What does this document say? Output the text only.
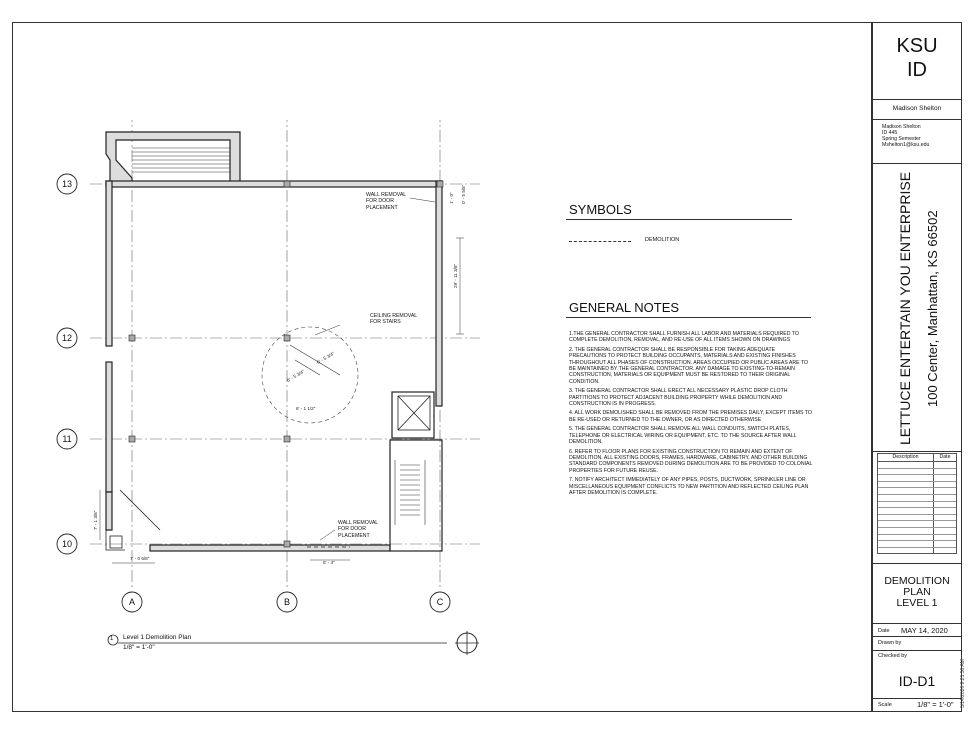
13
12
11
10
A	B	C
6' - 4"
7' - 0 5/8"
6' - 1 1/2"
6' - 5 3/4"
6' - 5 3/4"
29' - 11 3/8"
1' - 0" 0' - 5 5/8"
7' - 1 3/8"
WALL REMOVAL FOR DOOR PLACEMENT
CEILING REMOVAL FOR STAIRS
WALL REMOVAL FOR DOOR PLACEMENT
1 Level 1 Demolition Plan
1/8" = 1'-0"
SYMBOLS
DEMOLITION
GENERAL NOTES
1.THE GENERAL CONTRACTOR SHALL FURNISH ALL LABOR AND MATERIALS REQUIRED TO COMPLETE DEMOLITION, REMOVAL, AND RE-USE OF ALL ITEMS SHOWN ON DRAWINGS
2. THE GENERAL CONTRACTOR SHALL BE RESPONSIBLE FOR TAKING ADEQUATE PRECAUTIONS TO PROTECT BUILDING OCCUPANTS, MATERIALS AND EXISTING FINISHES THROUGHOUT ALL PHASES OF CONSTRUCTION. AREAS OCCUPIED OR PUBLIC AREAS ARE TO BE MAINTAINED BY THE GENERAL CONTRACTOR. ANY DAMAGE TO EXISTING-TO-REMAIN CONSTRUCTION, MATERIALS OR EQUIPMENT MUST BE RESTORED TO THEIR ORIGINAL CONDITION.
3. THE GENERAL CONTRACTOR SHALL ERECT ALL NECESSARY PLASTIC DROP CLOTH PARTITIONS TO PROTECT ADJACENT BUILDING PROPERTY WHILE DEMOLITION AND CONSTRUCTION IS IN PROGRESS.
4. ALL WORK DEMOLISHED SHALL BE REMOVED FROM THE PREMISES DAILY, EXCEPT ITEMS TO BE RE-USED OR RETURNED TO THE OWNER, OR AS DIRECTED OTHERWISE
5. THE GENERAL CONTRACTOR SHALL REMOVE ALL WALL CONDUITS, SWITCH PLATES, TELEPHONE OR ELECTRICAL WIRING OR EQUIPMENT, ETC. TO THE SOURCE AFTER WALL DEMOLITION.
6. REFER TO FLOOR PLANS FOR EXISTING CONSTRUCTION TO REMAIN AND EXTENT OF DEMOLITION. ALL EXISTING DOORS, FRAMES, HARDWARE, CABINETRY, AND OTHER BUILDING STANDARD COMPONENTS REMOVED DURING DEMOLITION ARE TO BE PROVIDED TO COLONIAL PROPERTIES FOR FUTURE REUSE.
7. NOTIFY ARCHITECT IMMEDIATELY OF ANY PIPES, POSTS, DUCTWORK, SPRINKLER LINE OR MISCELLANEOUS EQUIPMENT CONFLICTS TO NEW PARTITION AND REFLECTED CEILING PLAN AFTER DEMOLITION IS COMPLETE.
KSU
ID
Madison Shelton
Madison Shelton
ID 445
Spring Semester
Mshelton1@ksu.edu
LETTUCE ENTERTAIN YOU ENTERPRISE 100 Center, Manhattan, KS 66502
Description	Date
DEMOLITION
PLAN
LEVEL 1
Date MAY 14, 2020
Drawn by
Checked by
ID-D1
Scale	1/8" = 1'-0" 5/14/2020 9:21:56 AM
